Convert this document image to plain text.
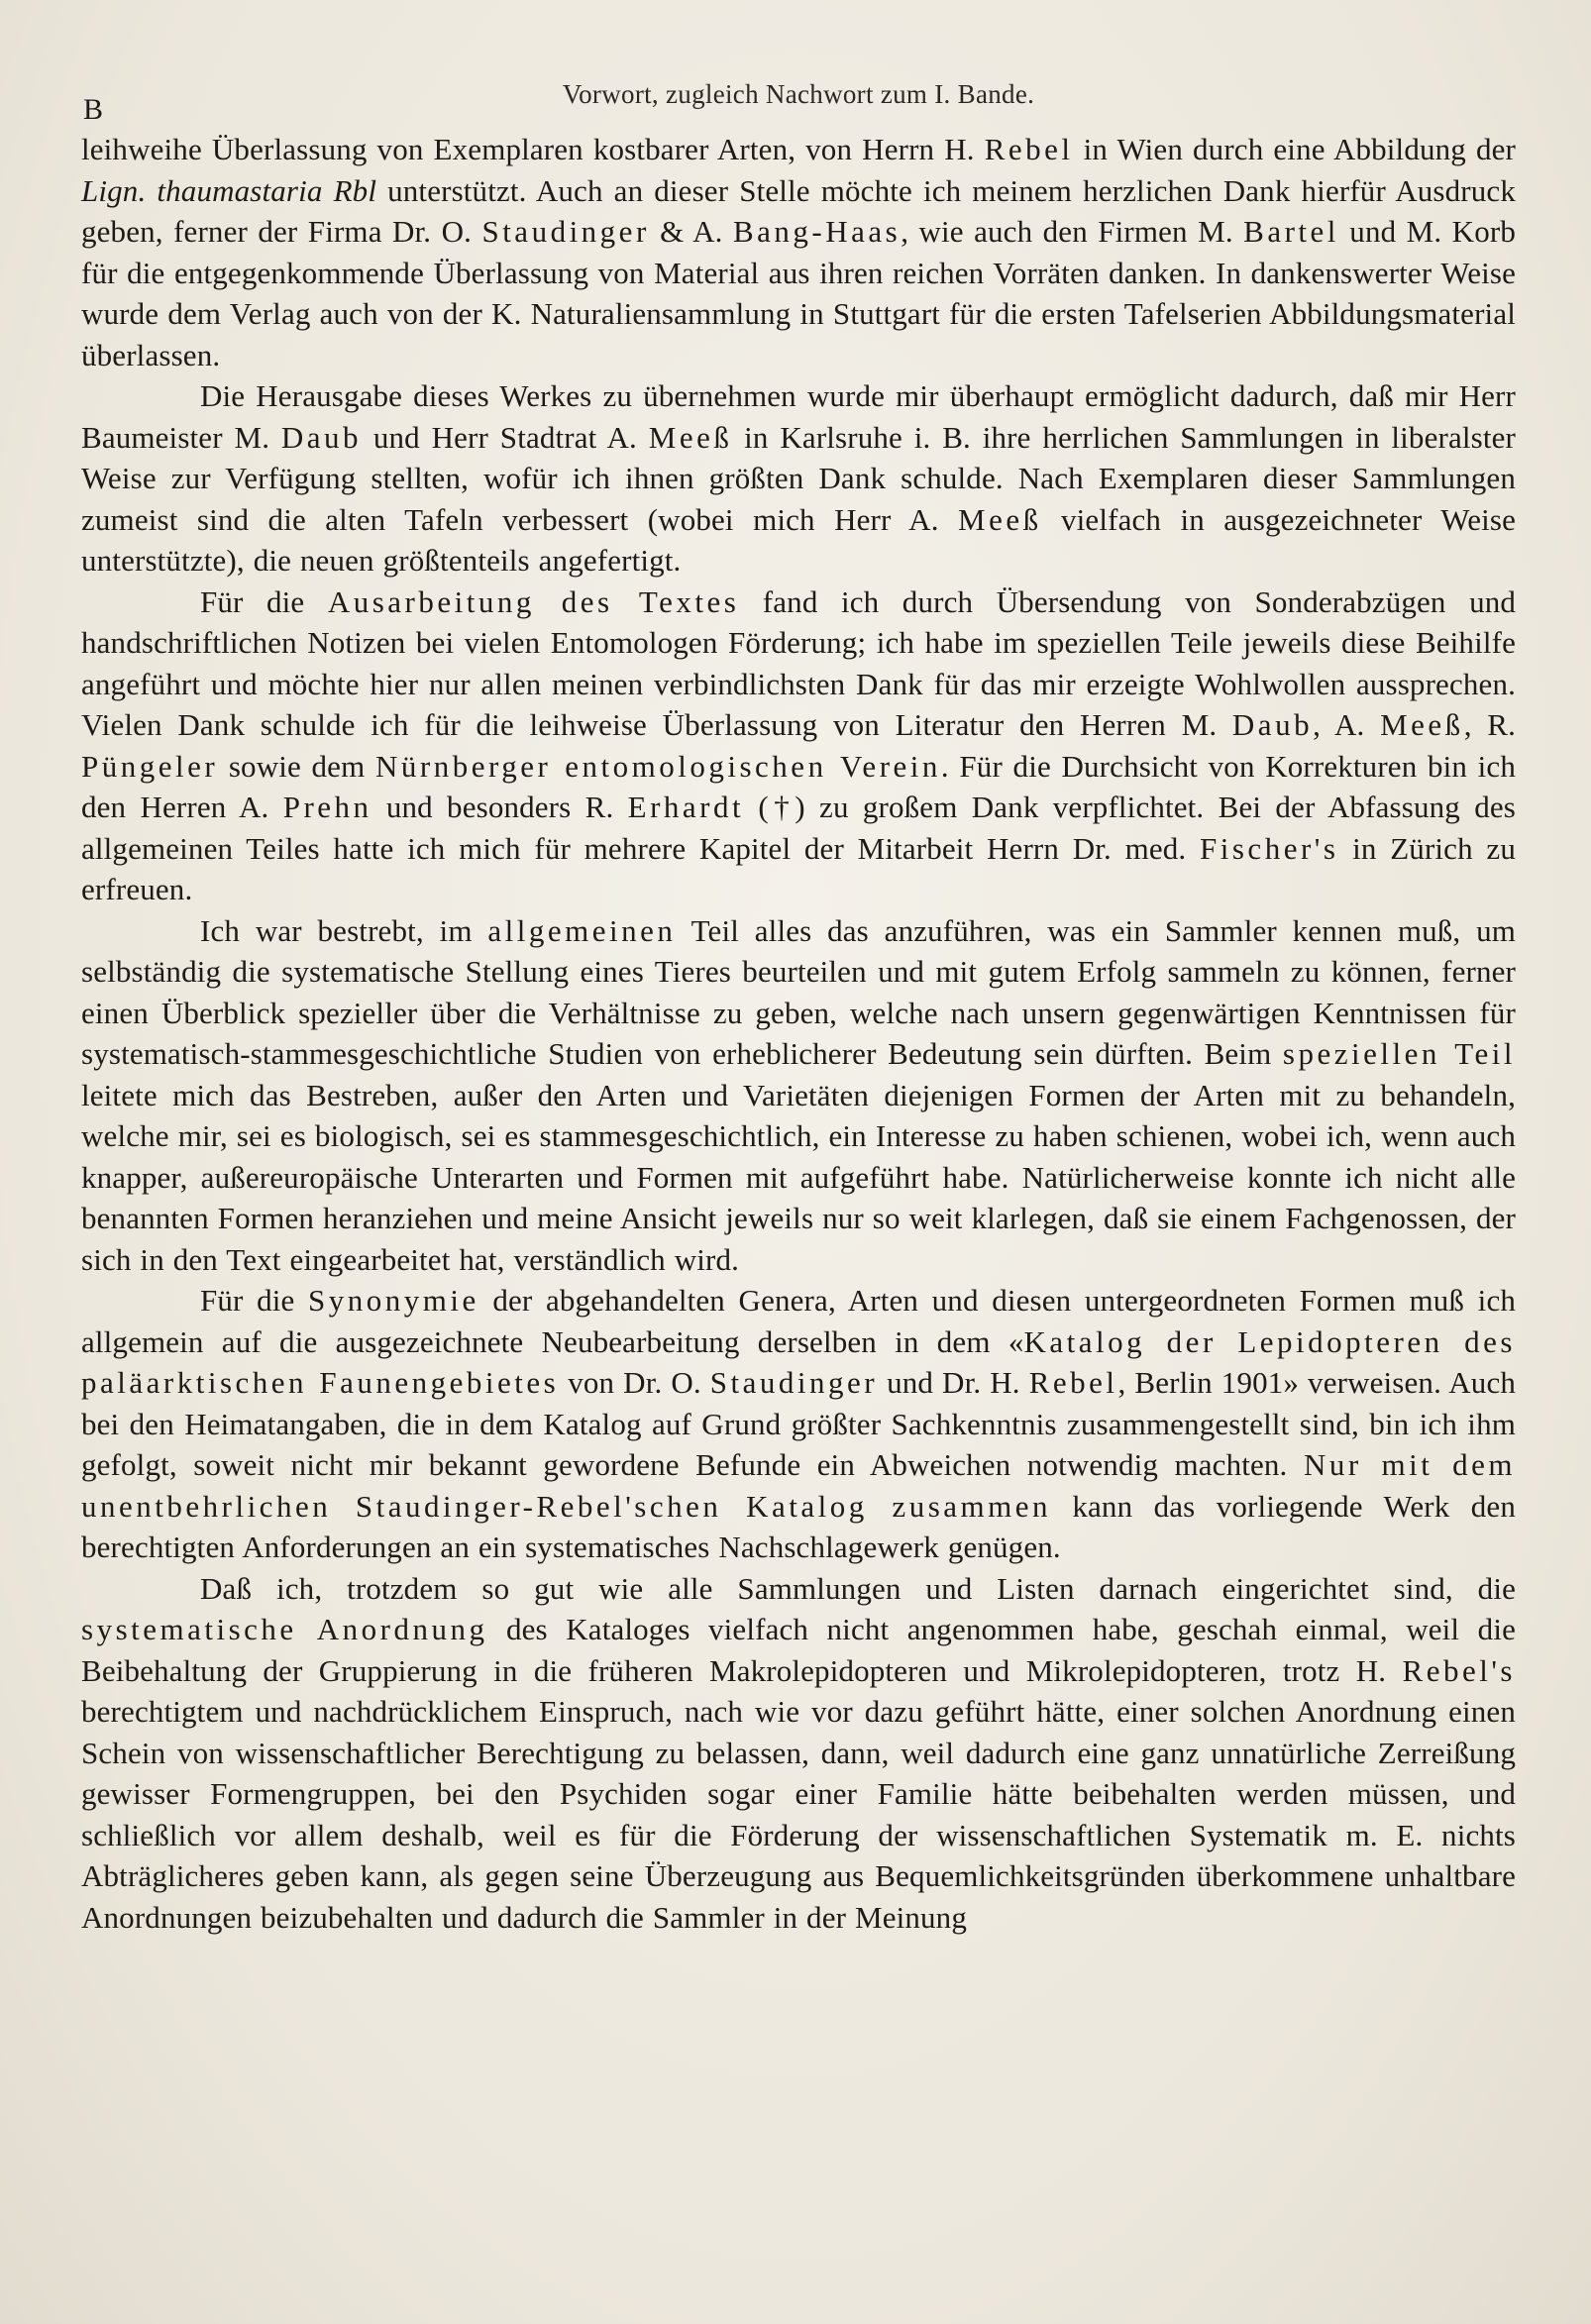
B	Vorwort, zugleich Nachwort zum I. Bande.

leihweihe Überlassung von Exemplaren kostbarer Arten, von Herrn H. Rebel in Wien durch eine Abbildung der Lign. thaumastaria Rbl unterstützt. Auch an dieser Stelle möchte ich meinem herzlichen Dank hierfür Ausdruck geben, ferner der Firma Dr. O. Staudinger & A. Bang-Haas, wie auch den Firmen M. Bartel und M. Korb für die entgegenkommende Überlassung von Material aus ihren reichen Vorräten danken. In dankenswerter Weise wurde dem Verlag auch von der K. Naturaliensammlung in Stuttgart für die ersten Tafelserien Abbildungsmaterial überlassen.

Die Herausgabe dieses Werkes zu übernehmen wurde mir überhaupt ermöglicht dadurch, daß mir Herr Baumeister M. Daub und Herr Stadtrat A. Meeß in Karlsruhe i. B. ihre herrlichen Sammlungen in liberalster Weise zur Verfügung stellten, wofür ich ihnen größten Dank schulde. Nach Exemplaren dieser Sammlungen zumeist sind die alten Tafeln verbessert (wobei mich Herr A. Meeß vielfach in ausgezeichneter Weise unterstützte), die neuen größtenteils angefertigt.

Für die Ausarbeitung des Textes fand ich durch Übersendung von Sonderabzügen und handschriftlichen Notizen bei vielen Entomologen Förderung; ich habe im speziellen Teile jeweils diese Beihilfe angeführt und möchte hier nur allen meinen verbindlichsten Dank für das mir erzeigte Wohlwollen aussprechen. Vielen Dank schulde ich für die leihweise Überlassung von Literatur den Herren M. Daub, A. Meeß, R. Püngeler sowie dem Nürnberger entomologischen Verein. Für die Durchsicht von Korrekturen bin ich den Herren A. Prehn und besonders R. Erhardt (†) zu großem Dank verpflichtet. Bei der Abfassung des allgemeinen Teiles hatte ich mich für mehrere Kapitel der Mitarbeit Herrn Dr. med. Fischer's in Zürich zu erfreuen.

Ich war bestrebt, im allgemeinen Teil alles das anzuführen, was ein Sammler kennen muß, um selbständig die systematische Stellung eines Tieres beurteilen und mit gutem Erfolg sammeln zu können, ferner einen Überblick spezieller über die Verhältnisse zu geben, welche nach unsern gegenwärtigen Kenntnissen für systematisch-stammesgeschichtliche Studien von erheblicherer Bedeutung sein dürften. Beim speziellen Teil leitete mich das Bestreben, außer den Arten und Varietäten diejenigen Formen der Arten mit zu behandeln, welche mir, sei es biologisch, sei es stammesgeschichtlich, ein Interesse zu haben schienen, wobei ich, wenn auch knapper, außereuropäische Unterarten und Formen mit aufgeführt habe. Natürlicherweise konnte ich nicht alle benannten Formen heranziehen und meine Ansicht jeweils nur so weit klarlegen, daß sie einem Fachgenossen, der sich in den Text eingearbeitet hat, verständlich wird.

Für die Synonymie der abgehandelten Genera, Arten und diesen untergeordneten Formen muß ich allgemein auf die ausgezeichnete Neubearbeitung derselben in dem «Katalog der Lepidopteren des paläarktischen Faunengebietes von Dr. O. Staudinger und Dr. H. Rebel, Berlin 1901» verweisen. Auch bei den Heimatangaben, die in dem Katalog auf Grund größter Sachkenntnis zusammengestellt sind, bin ich ihm gefolgt, soweit nicht mir bekannt gewordene Befunde ein Abweichen notwendig machten. Nur mit dem unentbehrlichen Staudinger-Rebel'schen Katalog zusammen kann das vorliegende Werk den berechtigten Anforderungen an ein systematisches Nachschlagewerk genügen.

Daß ich, trotzdem so gut wie alle Sammlungen und Listen darnach eingerichtet sind, die systematische Anordnung des Kataloges vielfach nicht angenommen habe, geschah einmal, weil die Beibehaltung der Gruppierung in die früheren Makrolepidopteren und Mikrolepidopteren, trotz H. Rebel's berechtigtem und nachdrücklichem Einspruch, nach wie vor dazu geführt hätte, einer solchen Anordnung einen Schein von wissenschaftlicher Berechtigung zu belassen, dann, weil dadurch eine ganz unnatürliche Zerreißung gewisser Formengruppen, bei den Psychiden sogar einer Familie hätte beibehalten werden müssen, und schließlich vor allem deshalb, weil es für die Förderung der wissenschaftlichen Systematik m. E. nichts Abträglicheres geben kann, als gegen seine Überzeugung aus Bequemlichkeitsgründen überkommene unhaltbare Anordnungen beizubehalten und dadurch die Sammler in der Meinung
